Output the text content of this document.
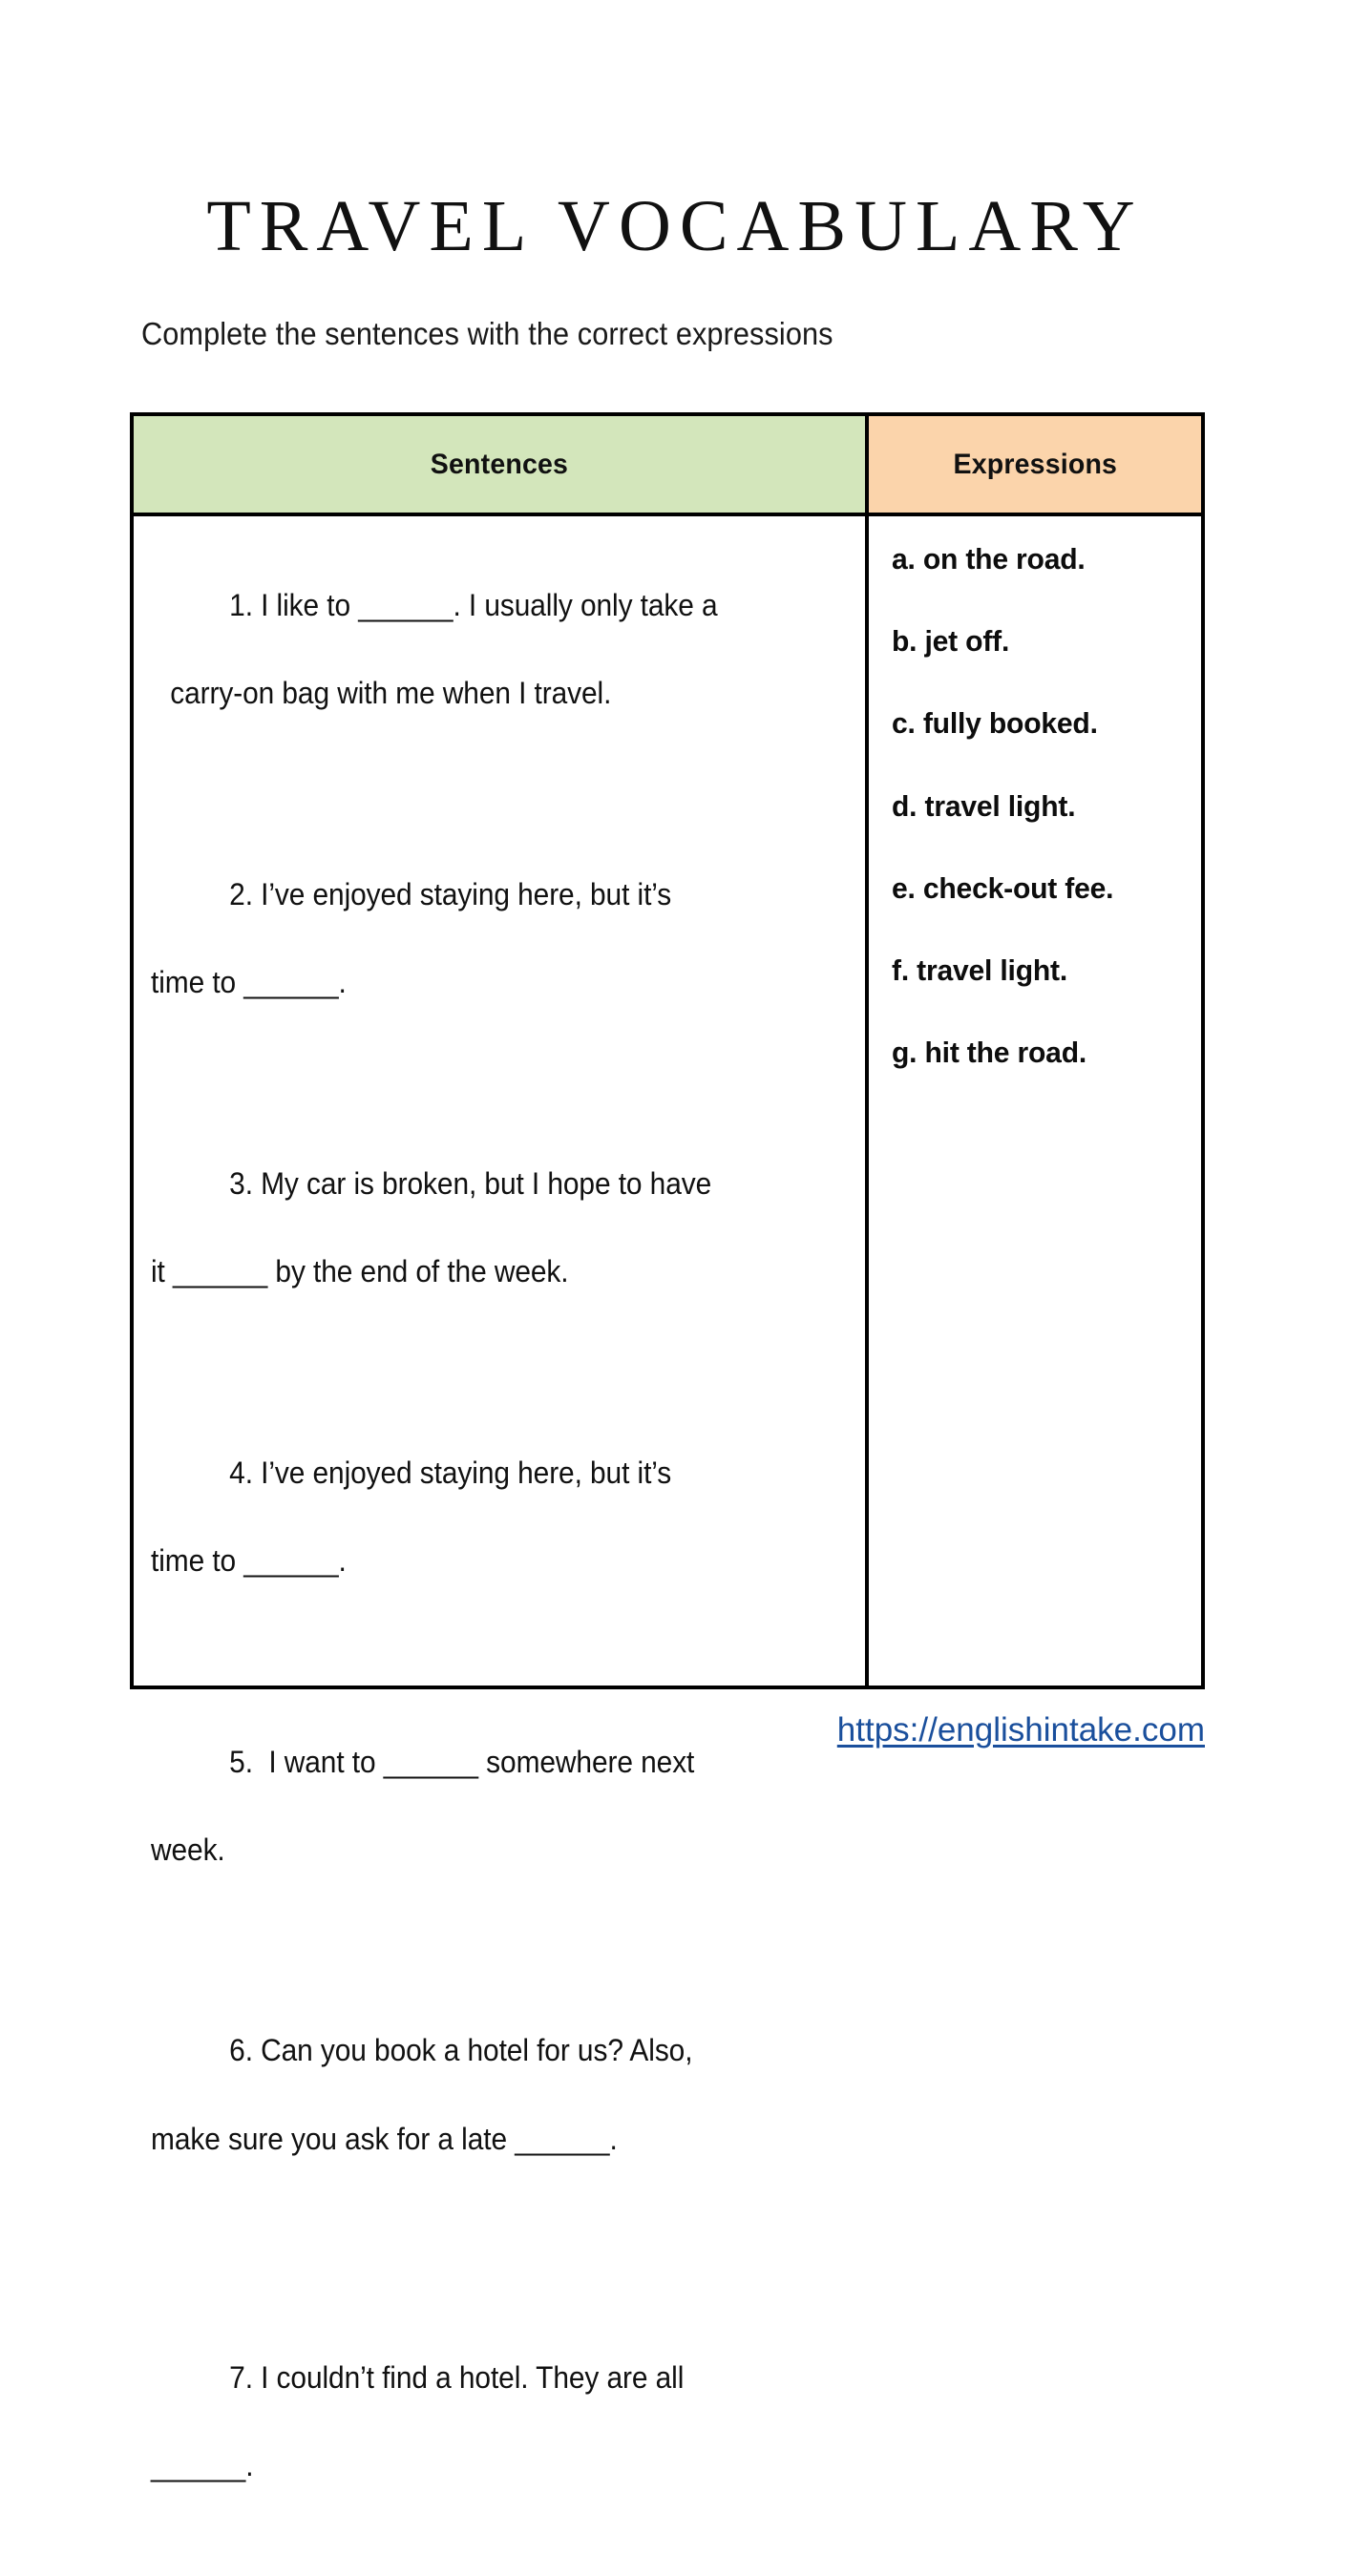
TRAVEL VOCABULARY
Complete the sentences with the correct expressions
Sentences	Expressions

1. I like to ______. I usually only take a

carry-on bag with me when I travel.

2. I’ve enjoyed staying here, but it’s

time to ______.

3. My car is broken, but I hope to have

it ______ by the end of the week.

4. I’ve enjoyed staying here, but it’s

time to ______.

5.  I want to ______ somewhere next

week.

6. Can you book a hotel for us? Also,

make sure you ask for a late ______.

7. I couldn’t find a hotel. They are all

______.

a. on the road.

b. jet off.

c. fully booked.

d. travel light.

e. check-out fee.

f. travel light.

g. hit the road.

https://englishintake.com
